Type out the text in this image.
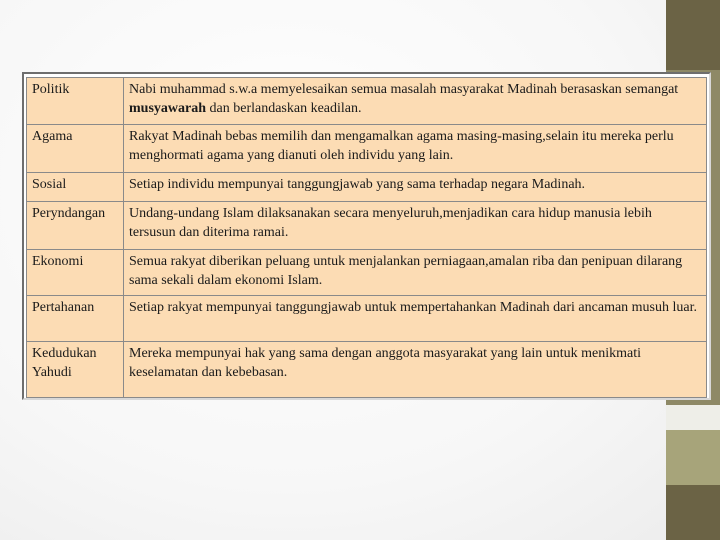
Politik	Nabi muhammad s.w.a memyelesaikan semua masalah masyarakat Madinah berasaskan semangat musyawarah dan berlandaskan keadilan.
Agama	Rakyat Madinah bebas memilih dan mengamalkan agama masing-masing,selain itu mereka perlu menghormati agama yang dianuti oleh individu yang lain.
Sosial	Setiap individu mempunyai tanggungjawab yang sama terhadap negara Madinah.
Peryndangan	Undang-undang Islam dilaksanakan secara menyeluruh,menjadikan cara hidup manusia lebih tersusun dan diterima ramai.
Ekonomi	Semua rakyat diberikan peluang untuk menjalankan perniagaan,amalan riba dan penipuan dilarang sama sekali dalam ekonomi Islam.
Pertahanan	Setiap rakyat mempunyai tanggungjawab untuk mempertahankan Madinah dari ancaman musuh luar.
Kedudukan Yahudi	Mereka mempunyai hak yang sama dengan anggota masyarakat yang lain untuk menikmati keselamatan dan kebebasan.
